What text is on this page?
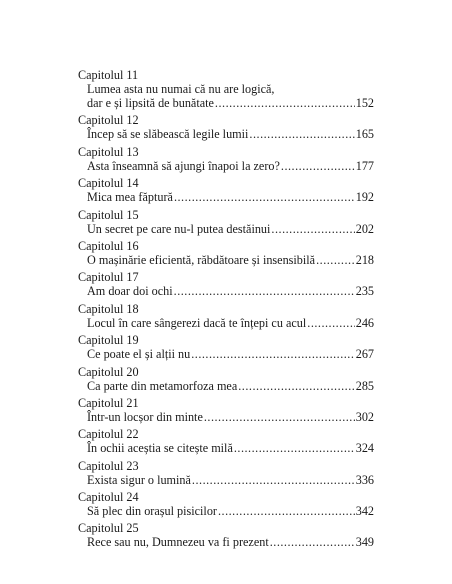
Capitolul 11
Lumea asta nu numai că nu are logică,
dar e și lipsită de bunătate .....	152
Capitolul 12
Încep să se slăbească legile lumii .....	165
Capitolul 13
Asta înseamnă să ajungi înapoi la zero? .....	177
Capitolul 14
Mica mea făptură .....	192
Capitolul 15
Un secret pe care nu-l putea destăinui .....	202
Capitolul 16
O mașinărie eficientă, răbdătoare și insensibilă .....	218
Capitolul 17
Am doar doi ochi .....	235
Capitolul 18
Locul în care sângerezi dacă te înțepi cu acul .....	246
Capitolul 19
Ce poate el și alții nu .....	267
Capitolul 20
Ca parte din metamorfoza mea .....	285
Capitolul 21
Într-un locșor din minte .....	302
Capitolul 22
În ochii aceștia se citește milă .....	324
Capitolul 23
Exista sigur o lumină .....	336
Capitolul 24
Să plec din orașul pisicilor .....	342
Capitolul 25
Rece sau nu, Dumnezeu va fi prezent .....	349
